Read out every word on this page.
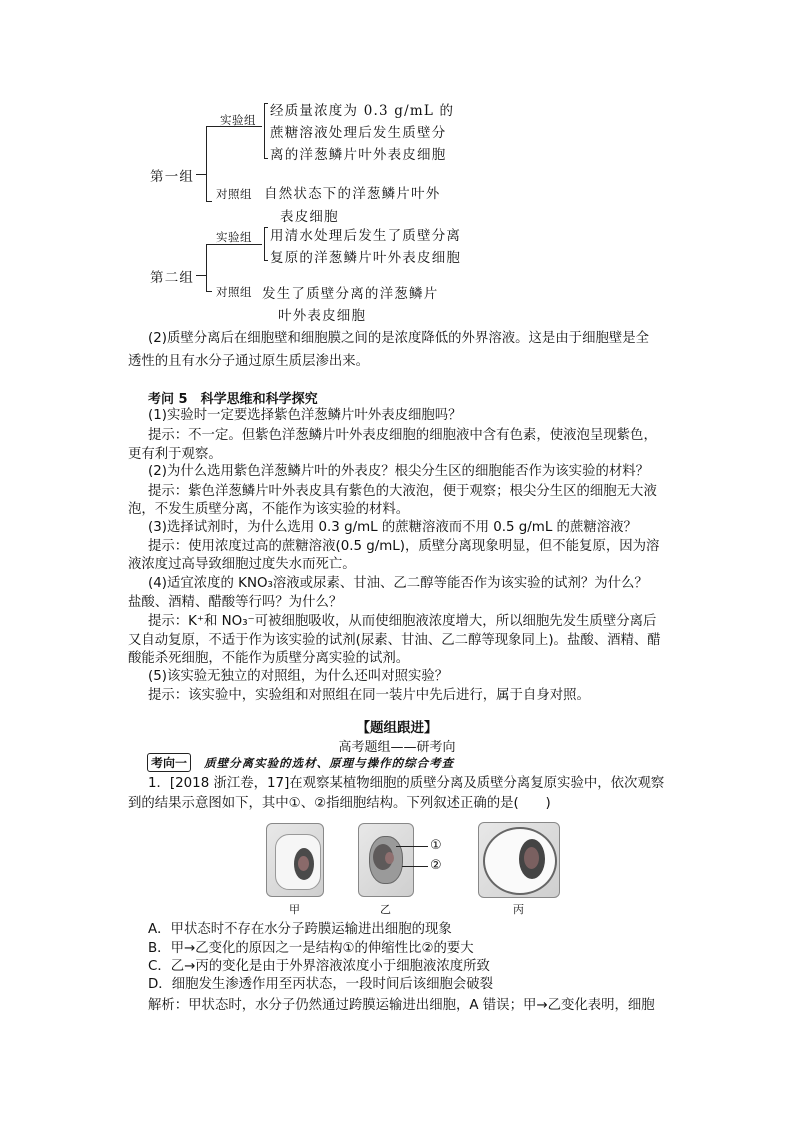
第一组
实验组
经质量浓度为 0.3 g/mL 的
蔗糖溶液处理后发生质壁分
离的洋葱鳞片叶外表皮细胞
对照组 自然状态下的洋葱鳞片叶外
表皮细胞
第二组
实验组 用清水处理后发生了质壁分离
复原的洋葱鳞片叶外表皮细胞
对照组 发生了质壁分离的洋葱鳞片
叶外表皮细胞
(2)质壁分离后在细胞壁和细胞膜之间的是浓度降低的外界溶液。这是由于细胞壁是全
透性的且有水分子通过原生质层渗出来。
考问 5　科学思维和科学探究
(1)实验时一定要选择紫色洋葱鳞片叶外表皮细胞吗？
提示：不一定。但紫色洋葱鳞片叶外表皮细胞的细胞液中含有色素，使液泡呈现紫色，
更有利于观察。
(2)为什么选用紫色洋葱鳞片叶的外表皮？根尖分生区的细胞能否作为该实验的材料？
提示：紫色洋葱鳞片叶外表皮具有紫色的大液泡，便于观察；根尖分生区的细胞无大液
泡，不发生质壁分离，不能作为该实验的材料。
(3)选择试剂时，为什么选用 0.3 g/mL 的蔗糖溶液而不用 0.5 g/mL 的蔗糖溶液？
提示：使用浓度过高的蔗糖溶液(0.5 g/mL)，质壁分离现象明显，但不能复原，因为溶
液浓度过高导致细胞过度失水而死亡。
(4)适宜浓度的 KNO₃溶液或尿素、甘油、乙二醇等能否作为该实验的试剂？为什么？
盐酸、酒精、醋酸等行吗？为什么？
提示：K⁺和 NO₃⁻可被细胞吸收，从而使细胞液浓度增大，所以细胞先发生质壁分离后
又自动复原，不适于作为该实验的试剂(尿素、甘油、乙二醇等现象同上)。盐酸、酒精、醋
酸能杀死细胞，不能作为质壁分离实验的试剂。
(5)该实验无独立的对照组，为什么还叫对照实验？
提示：该实验中，实验组和对照组在同一装片中先后进行，属于自身对照。
【题组跟进】
高考题组——研考向
考向一 质壁分离实验的选材、原理与操作的综合考查
1．[2018 浙江卷，17]在观察某植物细胞的质壁分离及质壁分离复原实验中，依次观察
到的结果示意图如下，其中①、②指细胞结构。下列叙述正确的是(　　)
①
②
甲	乙	丙
A．甲状态时不存在水分子跨膜运输进出细胞的现象
B．甲→乙变化的原因之一是结构①的伸缩性比②的要大
C．乙→丙的变化是由于外界溶液浓度小于细胞液浓度所致
D．细胞发生渗透作用至丙状态，一段时间后该细胞会破裂
解析：甲状态时，水分子仍然通过跨膜运输进出细胞，A 错误；甲→乙变化表明，细胞
